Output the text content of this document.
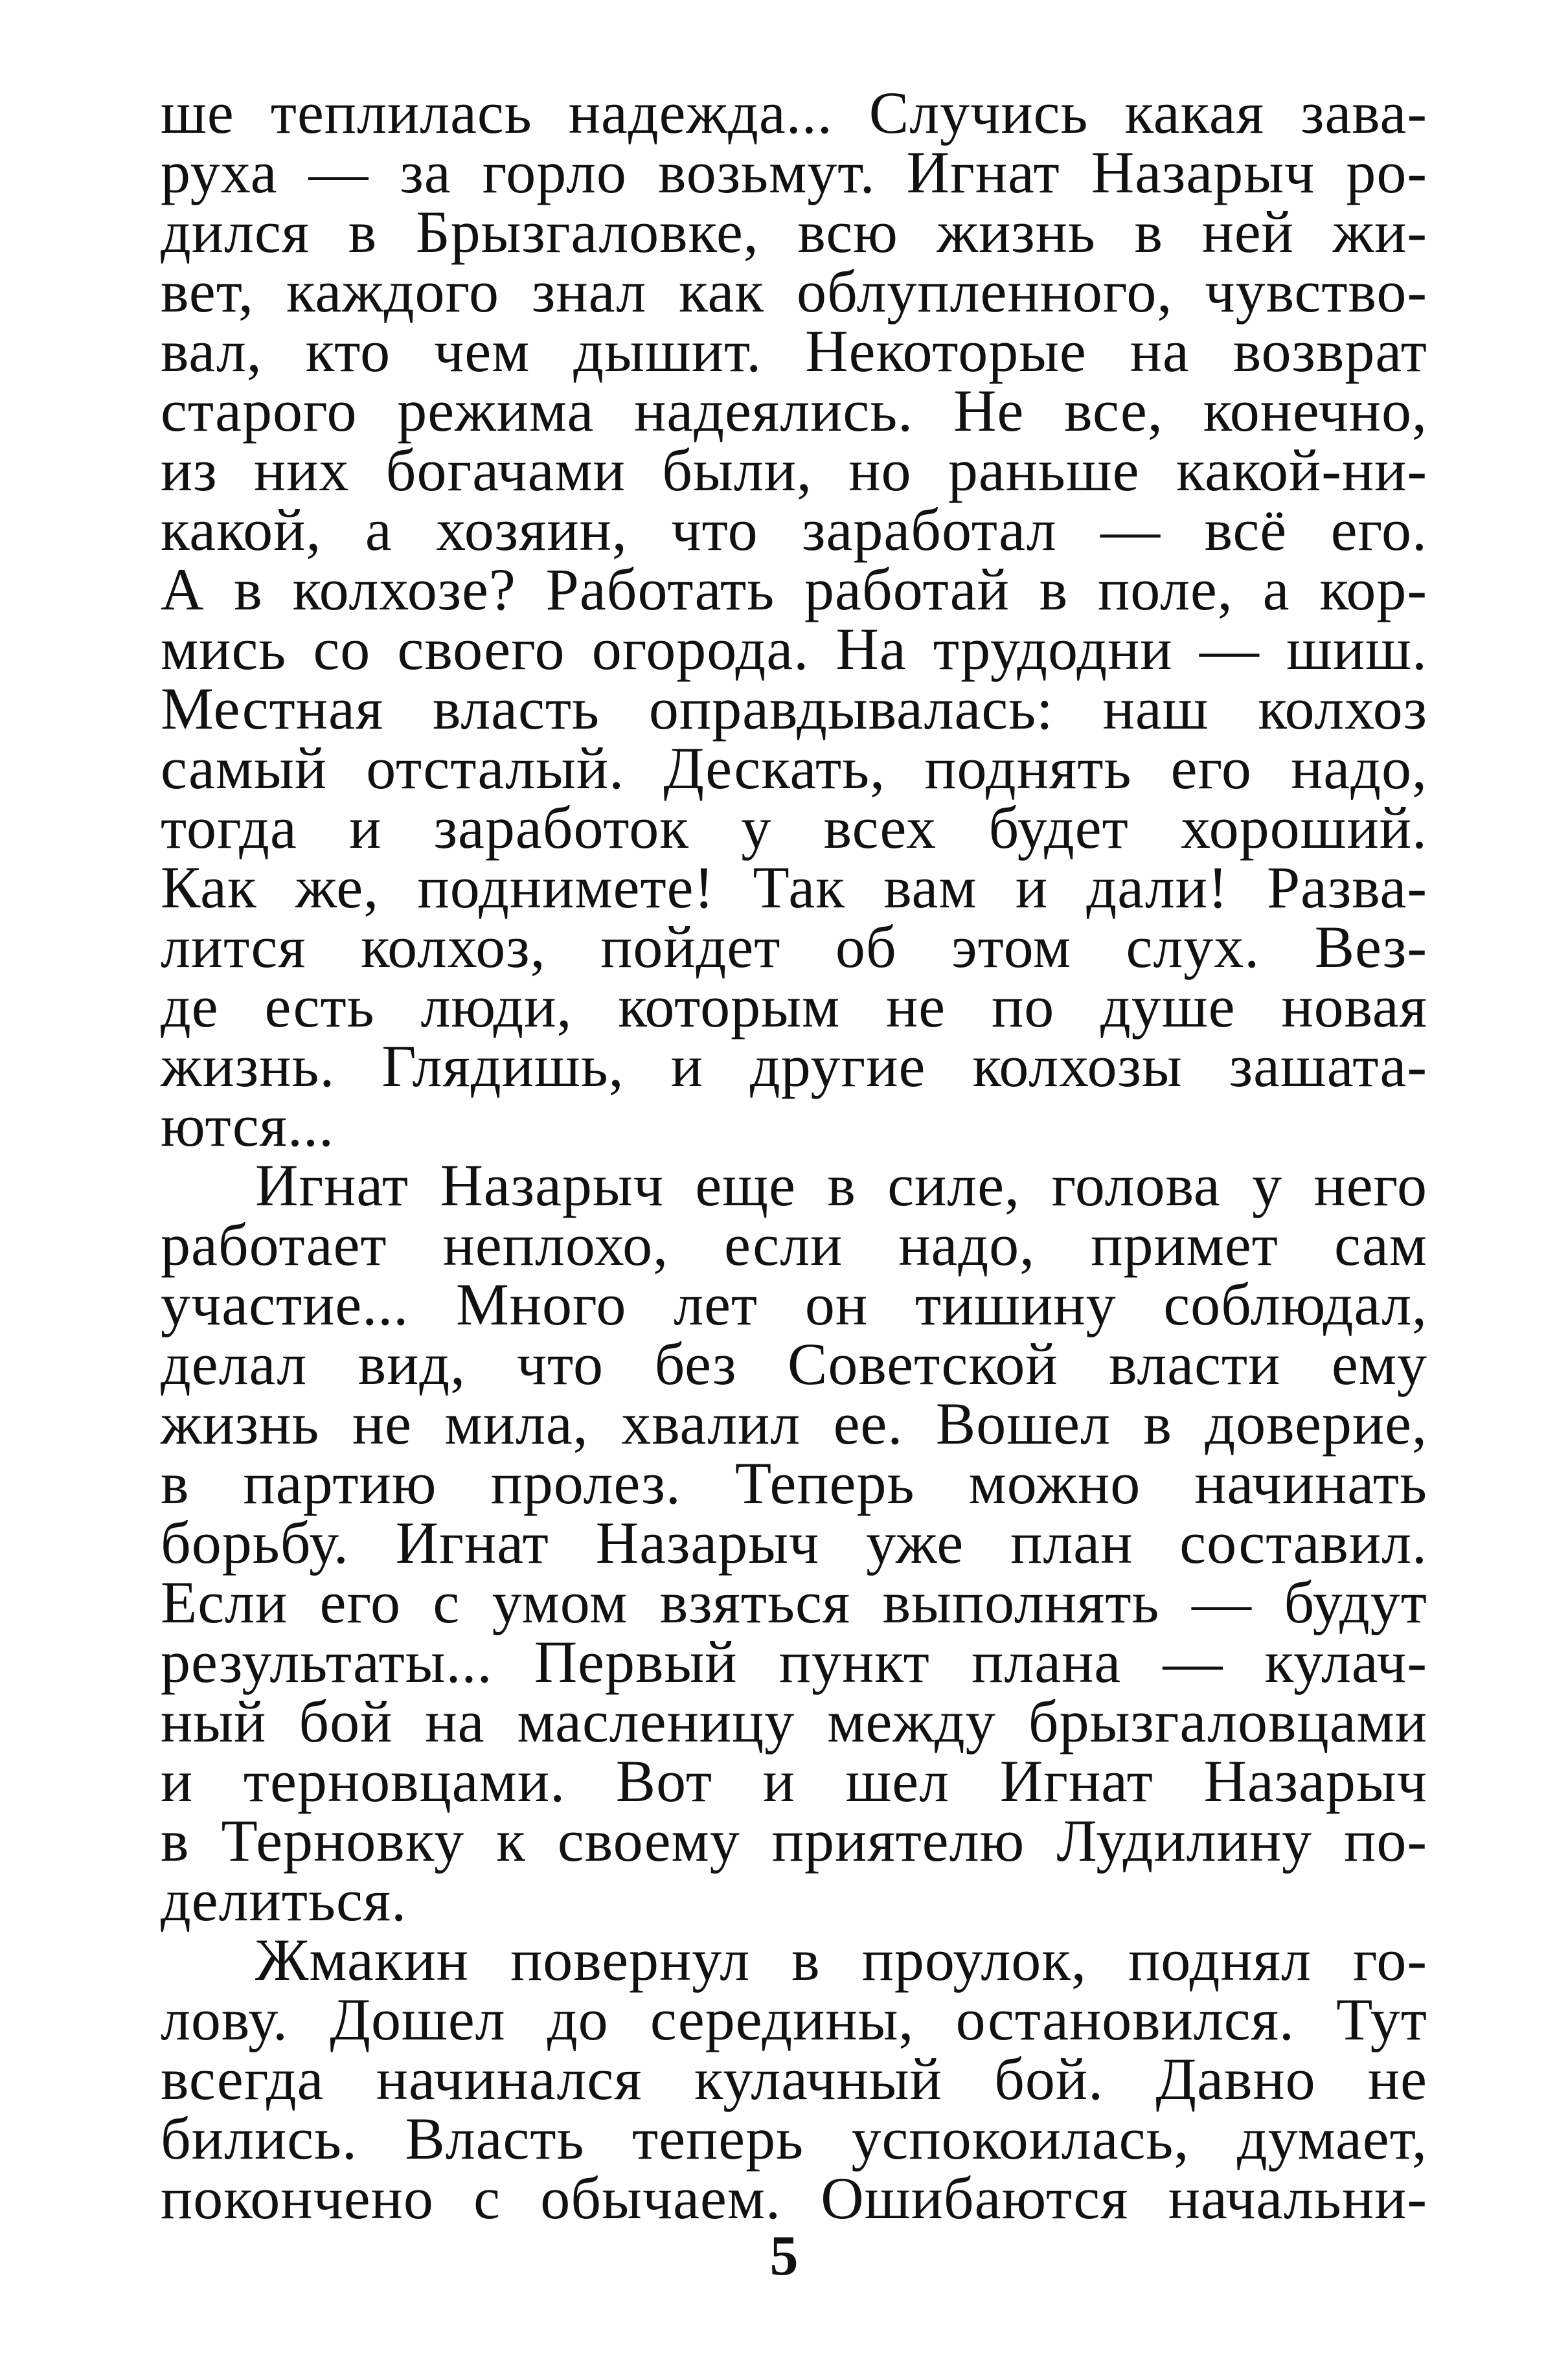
ше теплилась надежда... Случись какая зава-
руха — за горло возьмут. Игнат Назарыч ро-
дился в Брызгаловке, всю жизнь в ней жи-
вет, каждого знал как облупленного, чувство-
вал, кто чем дышит. Некоторые на возврат
старого режима надеялись. Не все, конечно,
из них богачами были, но раньше какой-ни-
какой, а хозяин, что заработал — всё его.
А в колхозе? Работать работай в поле, а кор-
мись со своего огорода. На трудодни — шиш.
Местная власть оправдывалась: наш колхоз
самый отсталый. Дескать, поднять его надо,
тогда и заработок у всех будет хороший.
Как же, поднимете! Так вам и дали! Разва-
лится колхоз, пойдет об этом слух. Вез-
де есть люди, которым не по душе новая
жизнь. Глядишь, и другие колхозы зашата-
ются...
Игнат Назарыч еще в силе, голова у него
работает неплохо, если надо, примет сам
участие... Много лет он тишину соблюдал,
делал вид, что без Советской власти ему
жизнь не мила, хвалил ее. Вошел в доверие,
в партию пролез. Теперь можно начинать
борьбу. Игнат Назарыч уже план составил.
Если его с умом взяться выполнять — будут
результаты... Первый пункт плана — кулач-
ный бой на масленицу между брызгаловцами
и терновцами. Вот и шел Игнат Назарыч
в Терновку к своему приятелю Лудилину по-
делиться.
Жмакин повернул в проулок, поднял го-
лову. Дошел до середины, остановился. Тут
всегда начинался кулачный бой. Давно не
бились. Власть теперь успокоилась, думает,
покончено с обычаем. Ошибаются начальни-
5
